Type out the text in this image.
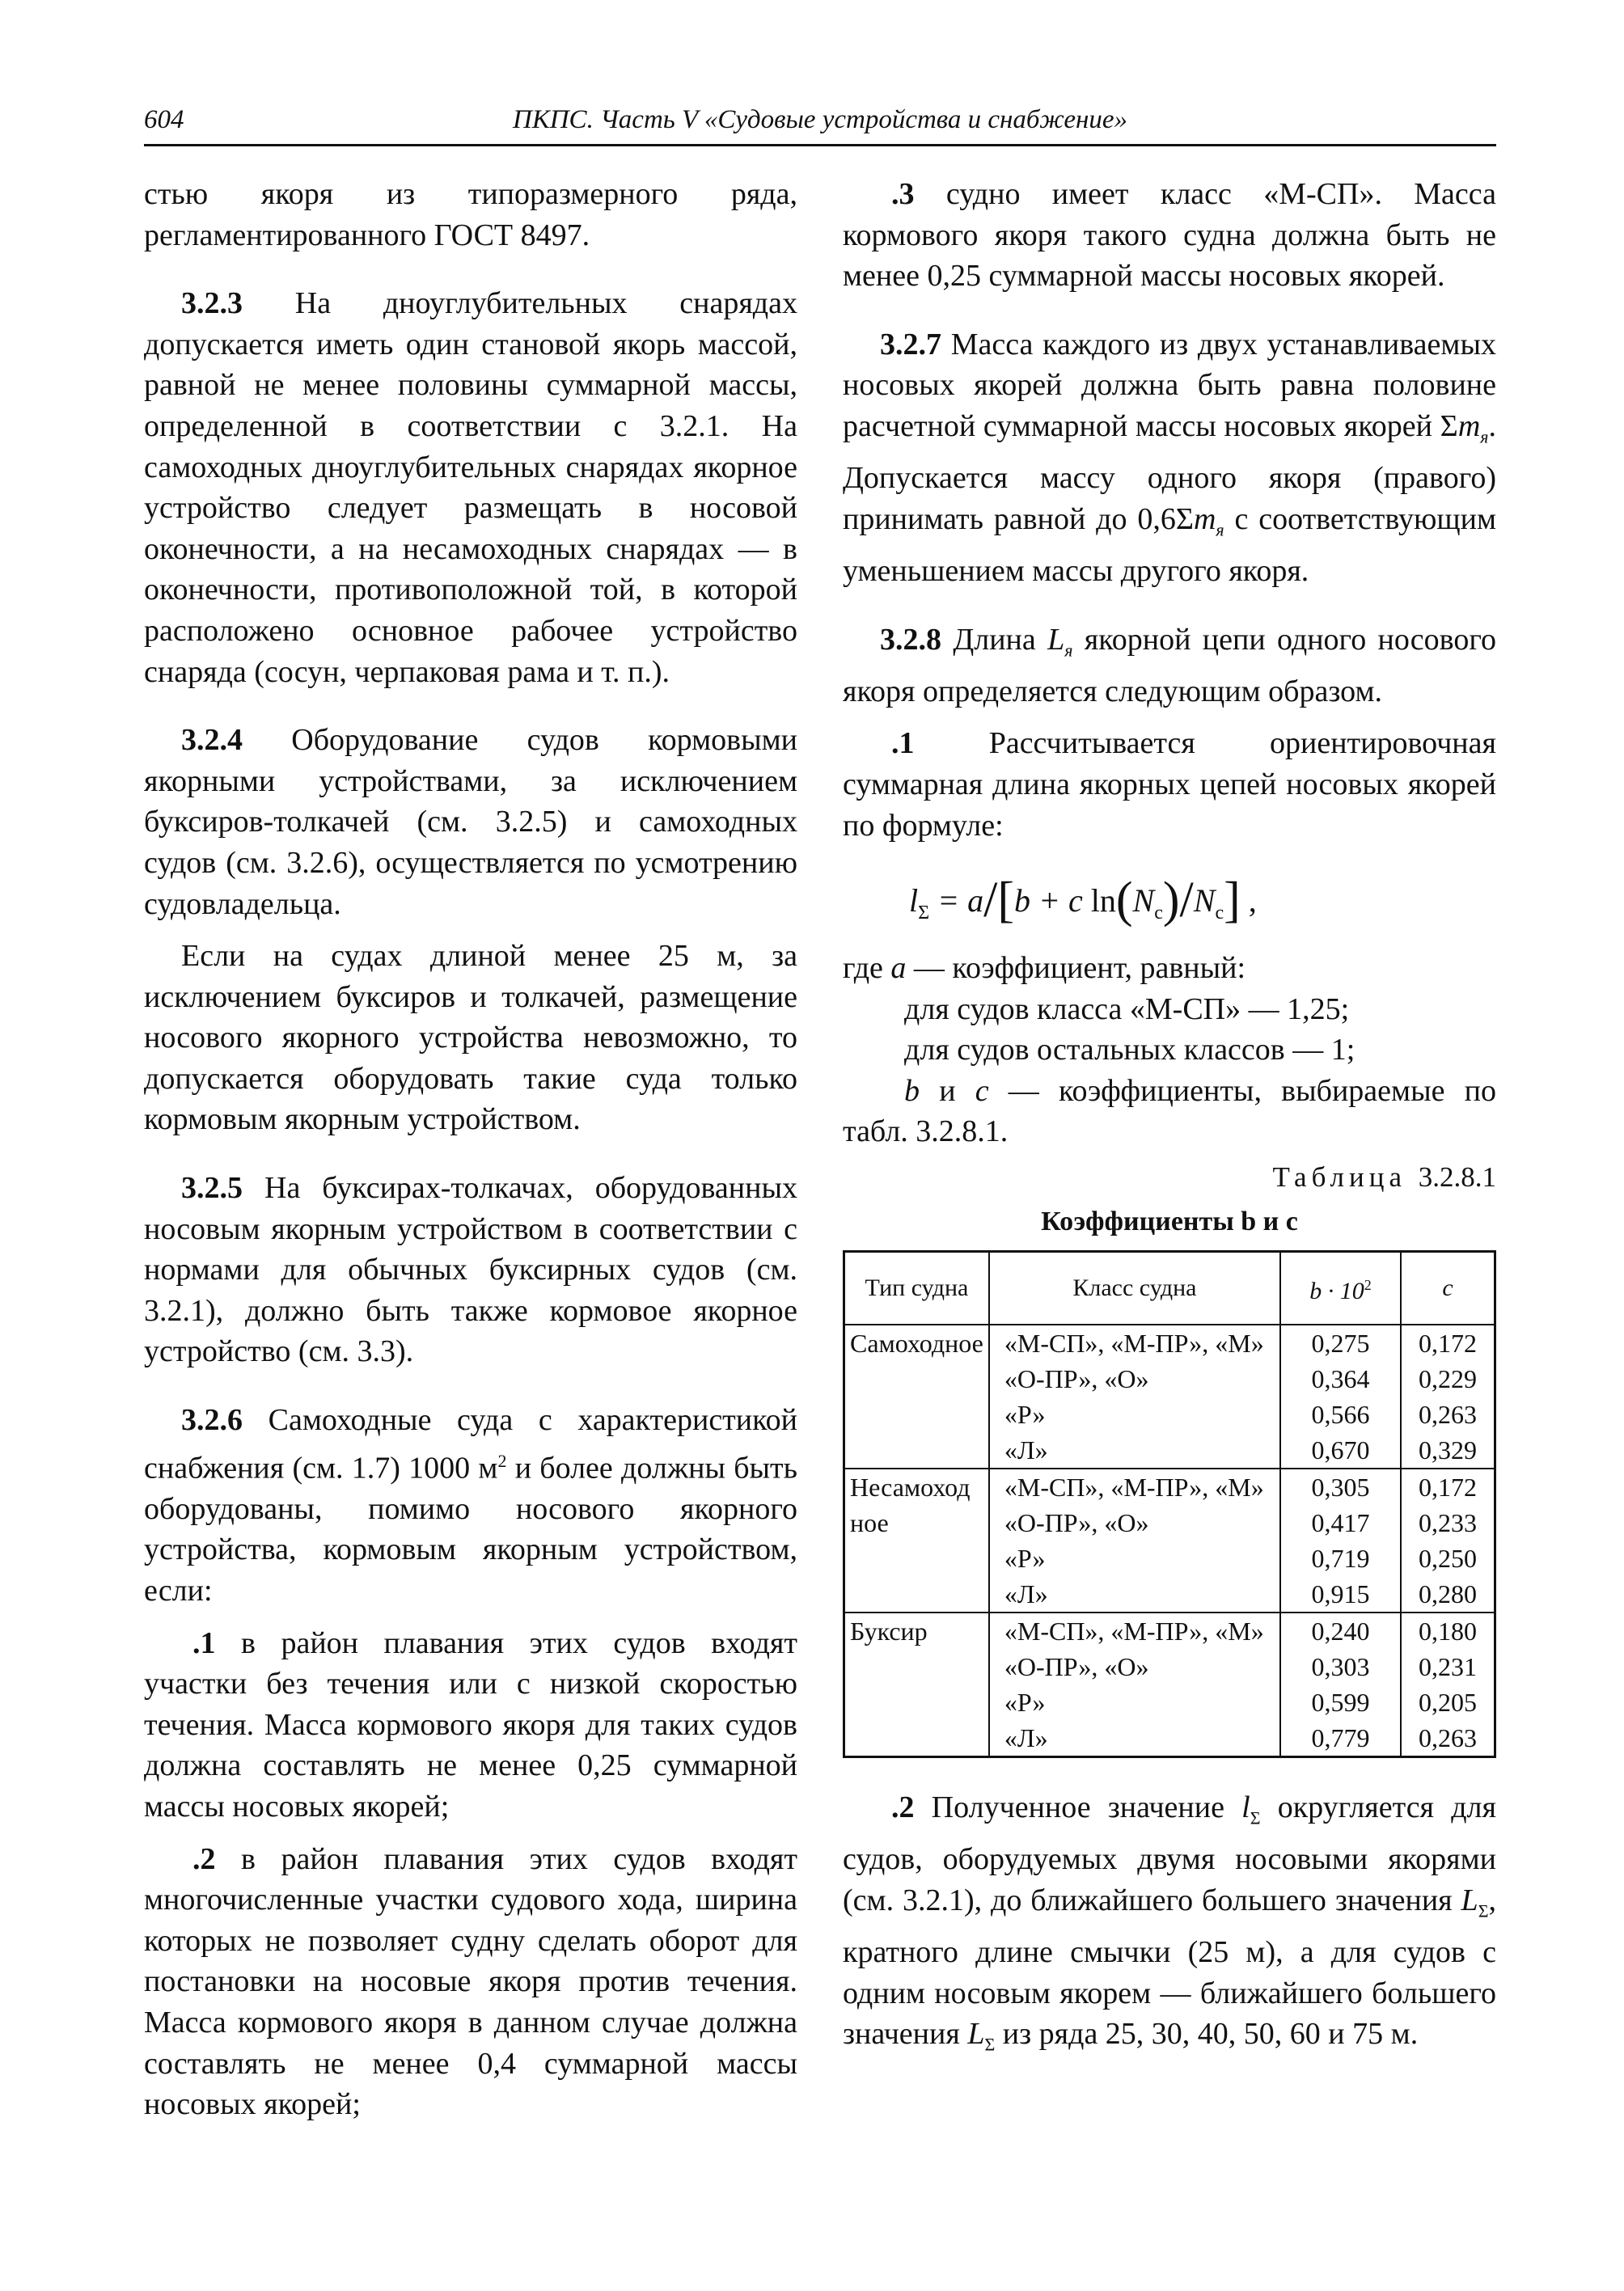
604	ПКПС. Часть V «Судовые устройства и снабжение»

стью якоря из типоразмерного ряда, регламентированного ГОСТ 8497.

3.2.3 На дноуглубительных снарядах допускается иметь один становой якорь массой, равной не менее половины суммарной массы, определенной в соответствии с 3.2.1. На самоходных дноуглубительных снарядах якорное устройство следует размещать в носовой оконечности, а на несамоходных снарядах — в оконечности, противоположной той, в которой расположено основное рабочее устройство снаряда (сосун, черпаковая рама и т. п.).

3.2.4 Оборудование судов кормовыми якорными устройствами, за исключением буксиров-толкачей (см. 3.2.5) и самоходных судов (см. 3.2.6), осуществляется по усмотрению судовладельца.

Если на судах длиной менее 25 м, за исключением буксиров и толкачей, размещение носового якорного устройства невозможно, то допускается оборудовать такие суда только кормовым якорным устройством.

3.2.5 На буксирах-толкачах, оборудованных носовым якорным устройством в соответствии с нормами для обычных буксирных судов (см. 3.2.1), должно быть также кормовое якорное устройство (см. 3.3).

3.2.6 Самоходные суда с характеристикой снабжения (см. 1.7) 1000 $м^2$ и более должны быть оборудованы, помимо носового якорного устройства, кормовым якорным устройством, если:

.1 в район плавания этих судов входят участки без течения или с низкой скоростью течения. Масса кормового якоря для таких судов должна составлять не менее 0,25 суммарной массы носовых якорей;

.2 в район плавания этих судов входят многочисленные участки судового хода, ширина которых не позволяет судну сделать оборот для постановки на носовые якоря против течения. Масса кормового якоря в данном случае должна составлять не менее 0,4 суммарной массы носовых якорей;

.3 судно имеет класс «М-СП». Масса кормового якоря такого судна должна быть не менее 0,25 суммарной массы носовых якорей.

3.2.7 Масса каждого из двух устанавливаемых носовых якорей должна быть равна половине расчетной суммарной массы носовых якорей $\Sigma m_я$. Допускается массу одного якоря (правого) принимать равной до $0,6\Sigma m_я$ с соответствующим уменьшением массы другого якоря.

3.2.8 Длина $L_я$ якорной цепи одного носового якоря определяется следующим образом.

.1 Рассчитывается ориентировочная суммарная длина якорных цепей носовых якорей по формуле:

$l_\Sigma = a/[b + c$ $\ln(N_c)/N_c$] ,

где a — коэффициент, равный:

для судов класса «М-СП» — 1,25;

для судов остальных классов — 1;

b и c — коэффициенты, выбираемые по табл. 3.2.8.1.

Таблица 3.2.8.1
Коэффициенты b и c
Тип судна	Класс судна	$b \cdot 10^2$	c
Самоходное	«М-СП», «М-ПР», «М»	0,275	0,172
	«О-ПР», «О»	0,364	0,229
	«Р»	0,566	0,263
	«Л»	0,670	0,329
Несамоходное	«М-СП», «М-ПР», «М»	0,305	0,172
	«О-ПР», «О»	0,417	0,233
	«Р»	0,719	0,250
	«Л»	0,915	0,280
Буксир	«М-СП», «М-ПР», «М»	0,240	0,180
	«О-ПР», «О»	0,303	0,231
	«Р»	0,599	0,205
	«Л»	0,779	0,263

.2 Полученное значение $l_\Sigma$ округляется для судов, оборудуемых двумя носовыми якорями (см. 3.2.1), до ближайшего большего значения $L_\Sigma$, кратного длине смычки (25 м), а для судов с одним носовым якорем — ближайшего большего значения $L_\Sigma$ из ряда 25, 30, 40, 50, 60 и 75 м.
